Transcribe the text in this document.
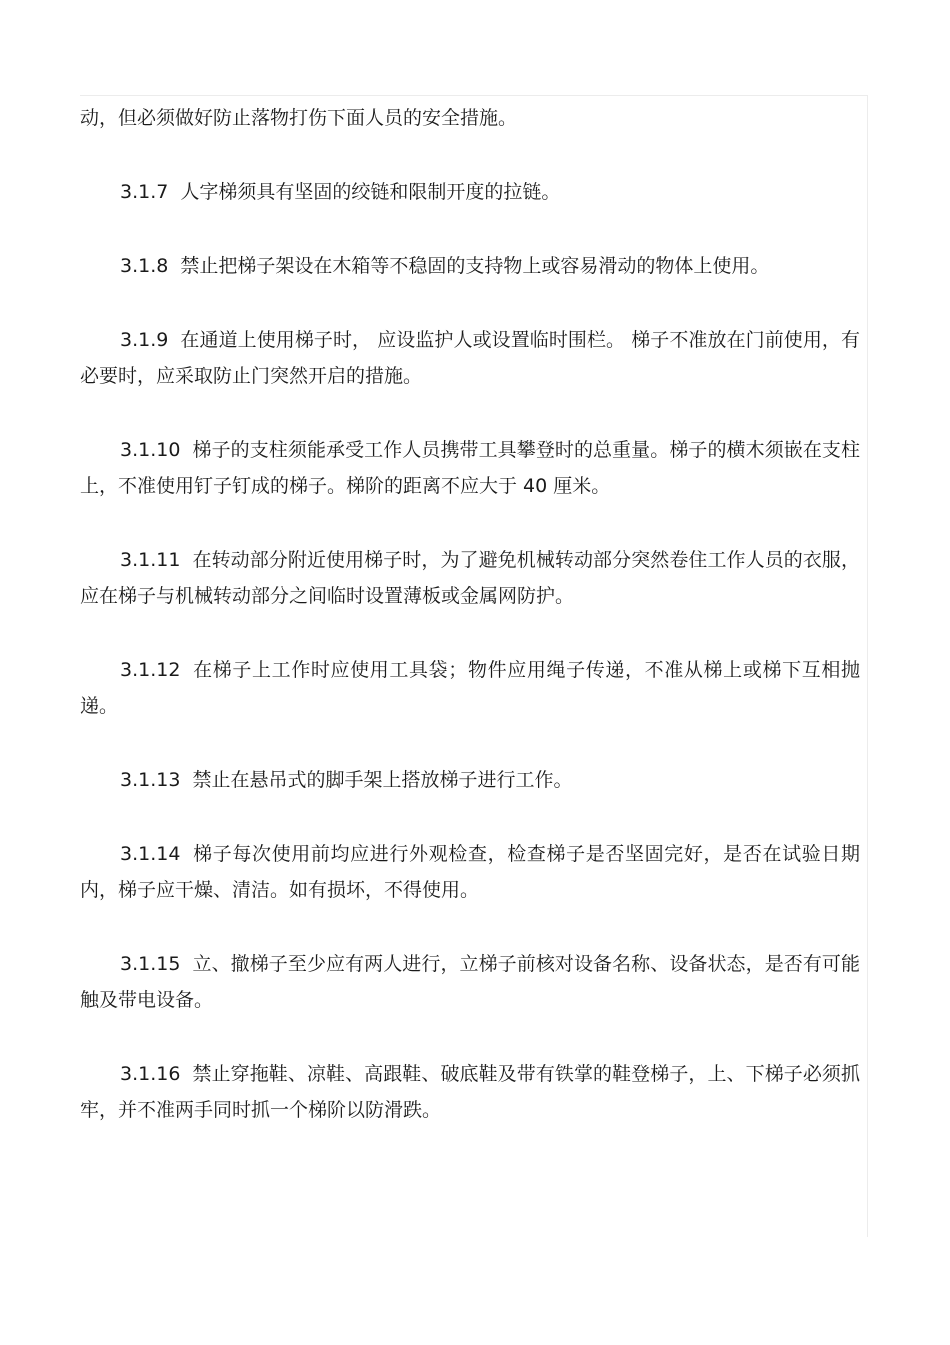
动，但必须做好防止落物打伤下面人员的安全措施。

3.1.7 人字梯须具有坚固的绞链和限制开度的拉链。

3.1.8 禁止把梯子架设在木箱等不稳固的支持物上或容易滑动的物体上使用。

3.1.9 在通道上使用梯子时， 应设监护人或设置临时围栏。 梯子不准放在门前使用，有必要时，应采取防止门突然开启的措施。

3.1.10 梯子的支柱须能承受工作人员携带工具攀登时的总重量。梯子的横木须嵌在支柱上，不准使用钉子钉成的梯子。梯阶的距离不应大于 40 厘米。

3.1.11 在转动部分附近使用梯子时，为了避免机械转动部分突然卷住工作人员的衣服，应在梯子与机械转动部分之间临时设置薄板或金属网防护。

3.1.12 在梯子上工作时应使用工具袋；物件应用绳子传递，不准从梯上或梯下互相抛递。

3.1.13 禁止在悬吊式的脚手架上搭放梯子进行工作。

3.1.14 梯子每次使用前均应进行外观检查，检查梯子是否坚固完好，是否在试验日期内，梯子应干燥、清洁。如有损坏，不得使用。

3.1.15 立、撤梯子至少应有两人进行，立梯子前核对设备名称、设备状态，是否有可能触及带电设备。

3.1.16 禁止穿拖鞋、凉鞋、高跟鞋、破底鞋及带有铁掌的鞋登梯子，上、下梯子必须抓牢，并不准两手同时抓一个梯阶以防滑跌。
